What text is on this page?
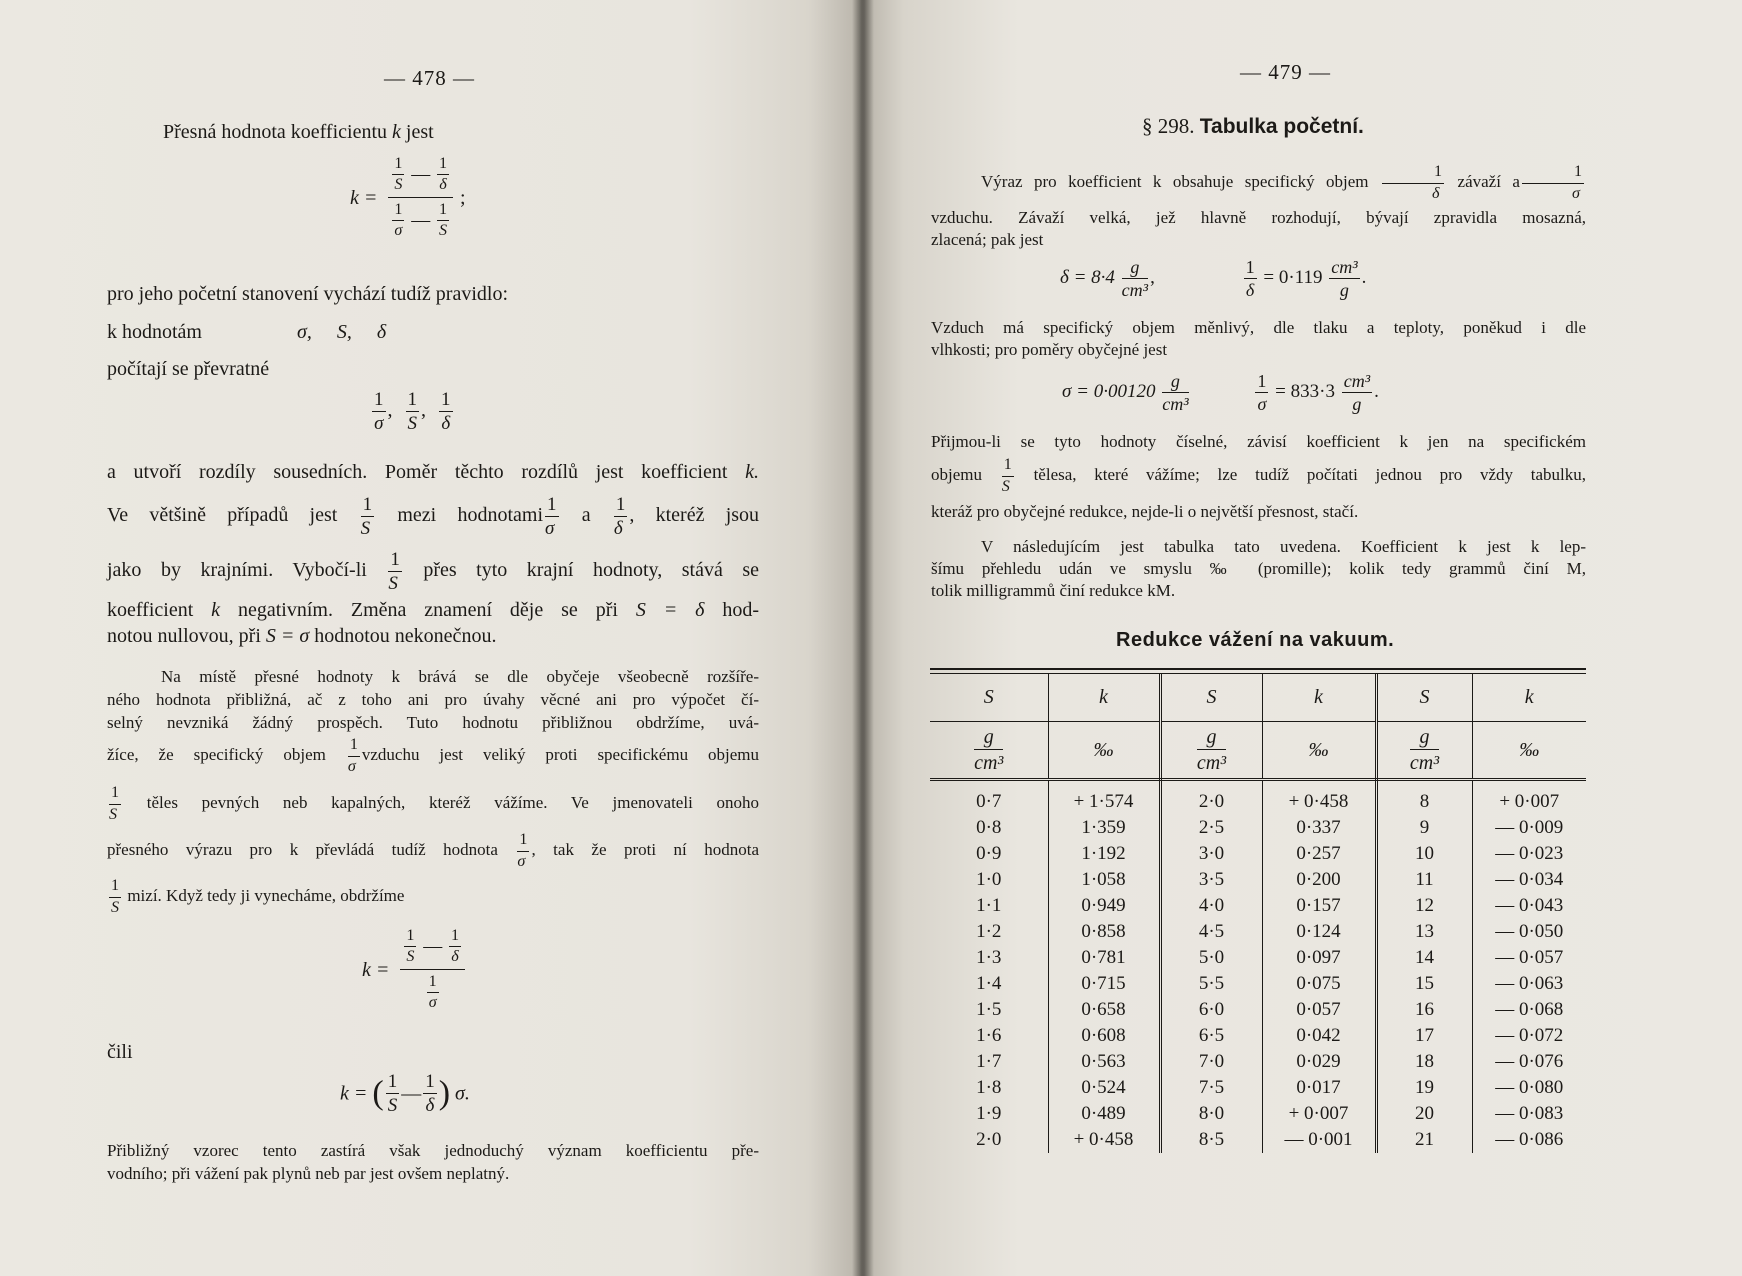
— 478 —
Přesná hodnota koefficientu k jest
$k = \frac{\frac{1}{S} — \frac{1}{\delta}}{\frac{1}{\sigma} — \frac{1}{S}}$ ;
pro jeho početní stanovení vychází tudíž pravidlo:
k hodnotám	σ,     S,     δ
počítají se převratné
$\frac{1}{\sigma}$ , $\frac{1}{S}$ , $\frac{1}{\delta}$
a utvoří rozdíly sousedních. Poměr těchto rozdílů jest koefficient k.
Ve většině případů jest $\frac{1}{S}$ mezi hodnotami $\frac{1}{\sigma}$ a $\frac{1}{\delta}$ , kteréž jsou
jako by krajními. Vybočí-li $\frac{1}{S}$ přes tyto krajní hodnoty, stává se
koefficient k negativním. Změna znamení děje se při S = δ hod-
notou nullovou, při S = σ hodnotou nekonečnou.
Na místě přesné hodnoty k brává se dle obyčeje všeobecně rozšíře-
ného hodnota přibližná, ač z toho ani pro úvahy věcné ani pro výpočet čí-
selný nevzniká žádný prospěch. Tuto hodnotu přibližnou obdržíme, uvá-
žíce, že specifický objem $\frac{1}{\sigma}$ vzduchu jest veliký proti specifickému objemu
$\frac{1}{S}$ těles pevných neb kapalných, kteréž vážíme. Ve jmenovateli onoho
přesného výrazu pro k převládá tudíž hodnota $\frac{1}{\sigma}$ , tak že proti ní hodnota
$\frac{1}{S}$ mizí. Když tedy ji vynecháme, obdržíme
$k = \frac{\frac{1}{S} — \frac{1}{\delta}}{\frac{1}{\sigma}}$
čili
k = ( $\frac{1}{S}$ — $\frac{1}{\delta}$ ) σ.
Přibližný vzorec tento zastírá však jednoduchý význam koefficientu pře-
vodního; při vážení pak plynů neb par jest ovšem neplatný.
— 479 —
§ 298. Tabulka početní.
Výraz pro koefficient k obsahuje specifický objem $\frac{1}{\delta}$ závaží a $\frac{1}{\sigma}$
vzduchu. Závaží velká, jež hlavně rozhodují, bývají zpravidla mosazná,
zlacená; pak jest
$\delta = 8\cdot 4 \frac{g}{\text{cm³}}$ ,	$\frac{1}{\delta} = 0\cdot 119 \frac{\text{cm³}}{g}$ .
Vzduch má specifický objem měnlivý, dle tlaku a teploty, poněkud i dle
vlhkosti; pro poměry obyčejné jest
$\sigma = 0\cdot 00120 \frac{g}{\text{cm³}}$
	$\frac{1}{\sigma} = 833\cdot 3 \frac{\text{cm³}}{g}$ .
Přijmou-li se tyto hodnoty číselné, závisí koefficient k jen na specifickém
objemu $\frac{1}{S}$ tělesa, které vážíme; lze tudíž počítati jednou pro vždy tabulku,
kteráž pro obyčejné redukce, nejde-li o největší přesnost, stačí.
V následujícím jest tabulka tato uvedena. Koefficient k jest k lep-
šímu přehledu udán ve smyslu ‰ (promille); kolik tedy grammů činí M,
tolik milligrammů činí redukce kM.
Redukce vážení na vakuum.
S	k	S	k	S	k

$\frac{g}{\text{cm³}}$	‰	$\frac{g}{\text{cm³}}$	‰	$\frac{g}{\text{cm³}}$	‰
0·7	+ 1·574	2·0	+ 0·458	8	+ 0·007
0·8	1·359	2·5	0·337	9	— 0·009
0·9	1·192	3·0	0·257	10	— 0·023
1·0	1·058	3·5	0·200	11	— 0·034
1·1	0·949	4·0	0·157	12	— 0·043
1·2	0·858	4·5	0·124	13	— 0·050
1·3	0·781	5·0	0·097	14	— 0·057
1·4	0·715	5·5	0·075	15	— 0·063
1·5	0·658	6·0	0·057	16	— 0·068
1·6	0·608	6·5	0·042	17	— 0·072
1·7	0·563	7·0	0·029	18	— 0·076
1·8	0·524	7·5	0·017	19	— 0·080
1·9	0·489	8·0	+ 0·007	20	— 0·083
2·0	+ 0·458	8·5	— 0·001	21	— 0·086
